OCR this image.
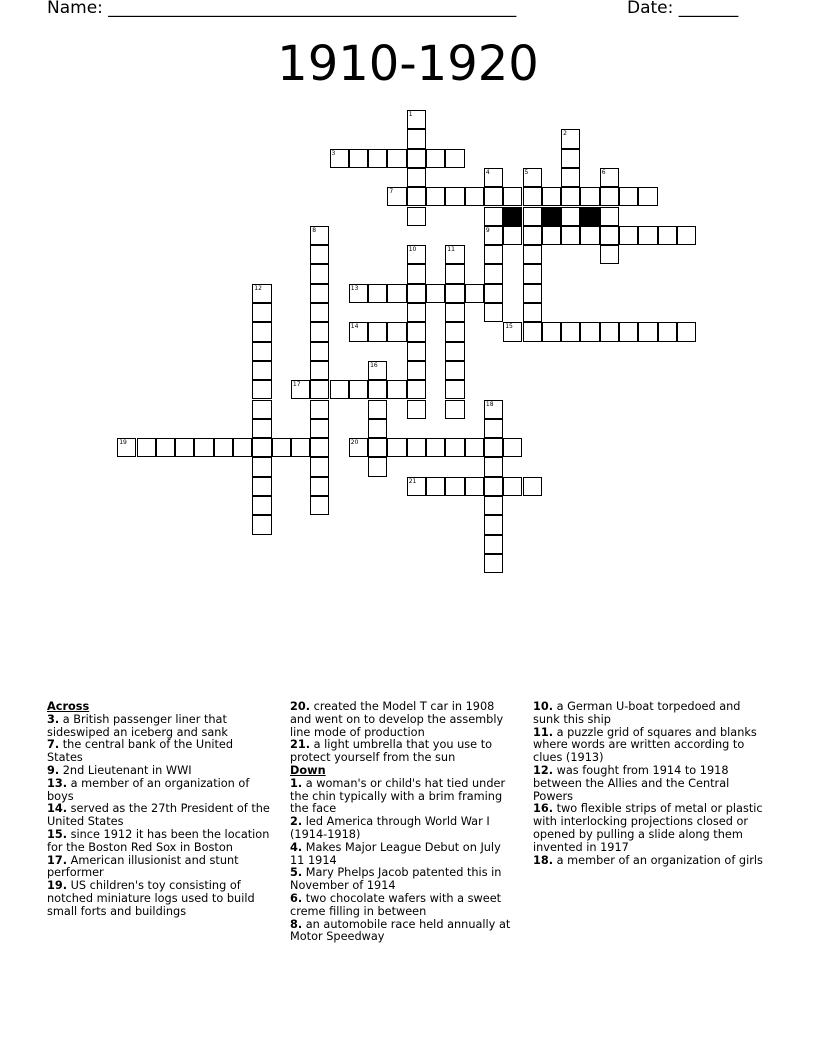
Name: ________________________________________________	Date: _______
1910-1920
3
7
9
13
14	15
17
19	20
21
1
2
4	5	6
8
10	11
12
16
18
Across
3. a British passenger liner that sideswiped an iceberg and sank
7. the central bank of the United States
9. 2nd Lieutenant in WWI
13. a member of an organization of boys
14. served as the 27th President of the United States
15. since 1912 it has been the location for the Boston Red Sox in Boston
17. American illusionist and stunt performer
19. US children's toy consisting of notched miniature logs used to build small forts and buildings
20. created the Model T car in 1908 and went on to develop the assembly line mode of production
21. a light umbrella that you use to protect yourself from the sun
Down
1. a woman's or child's hat tied under the chin typically with a brim framing the face
2. led America through World War I (1914-1918)
4. Makes Major League Debut on July 11 1914
5. Mary Phelps Jacob patented this in November of 1914
6. two chocolate wafers with a sweet creme filling in between
8. an automobile race held annually at Motor Speedway
10. a German U-boat torpedoed and sunk this ship
11. a puzzle grid of squares and blanks where words are written according to clues (1913)
12. was fought from 1914 to 1918 between the Allies and the Central Powers
16. two flexible strips of metal or plastic with interlocking projections closed or opened by pulling a slide along them invented in 1917
18. a member of an organization of girls
